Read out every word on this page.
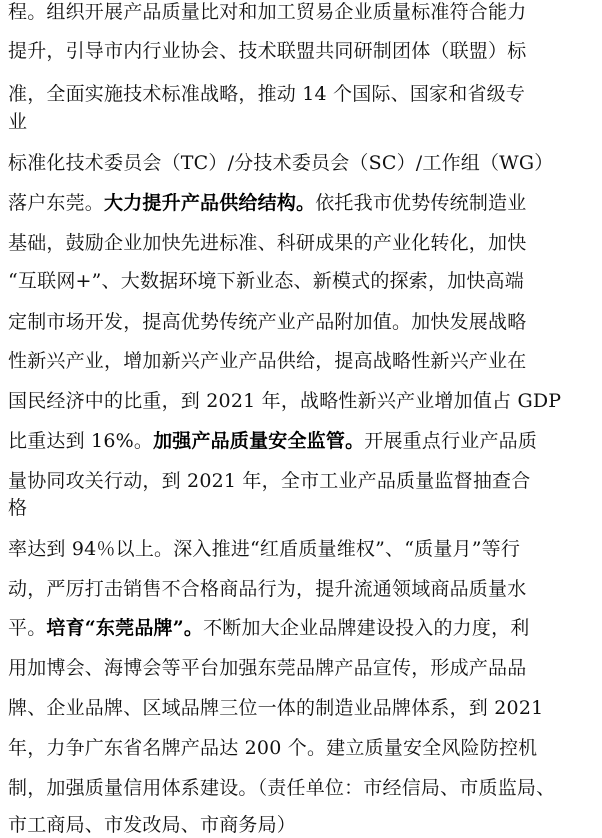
程。组织开展产品质量比对和加工贸易企业质量标准符合能力
提升，引导市内行业协会、技术联盟共同研制团体（联盟）标
准，全面实施技术标准战略，推动 14 个国际、国家和省级专
业
标准化技术委员会（TC）/分技术委员会（SC）/工作组（WG）
落户东莞。大力提升产品供给结构。依托我市优势传统制造业
基础，鼓励企业加快先进标准、科研成果的产业化转化，加快
“互联网+”、大数据环境下新业态、新模式的探索，加快高端
定制市场开发，提高优势传统产业产品附加值。加快发展战略
性新兴产业，增加新兴产业产品供给，提高战略性新兴产业在
国民经济中的比重，到 2021 年，战略性新兴产业增加值占 GDP
比重达到 16%。加强产品质量安全监管。开展重点行业产品质
量协同攻关行动，到 2021 年，全市工业产品质量监督抽查合
格
率达到 94％以上。深入推进“红盾质量维权”、“质量月”等行
动，严厉打击销售不合格商品行为，提升流通领域商品质量水
平。培育“东莞品牌”。不断加大企业品牌建设投入的力度，利
用加博会、海博会等平台加强东莞品牌产品宣传，形成产品品
牌、企业品牌、区域品牌三位一体的制造业品牌体系，到 2021
年，力争广东省名牌产品达 200 个。建立质量安全风险防控机
制，加强质量信用体系建设。（责任单位：市经信局、市质监局、
市工商局、市发改局、市商务局）
